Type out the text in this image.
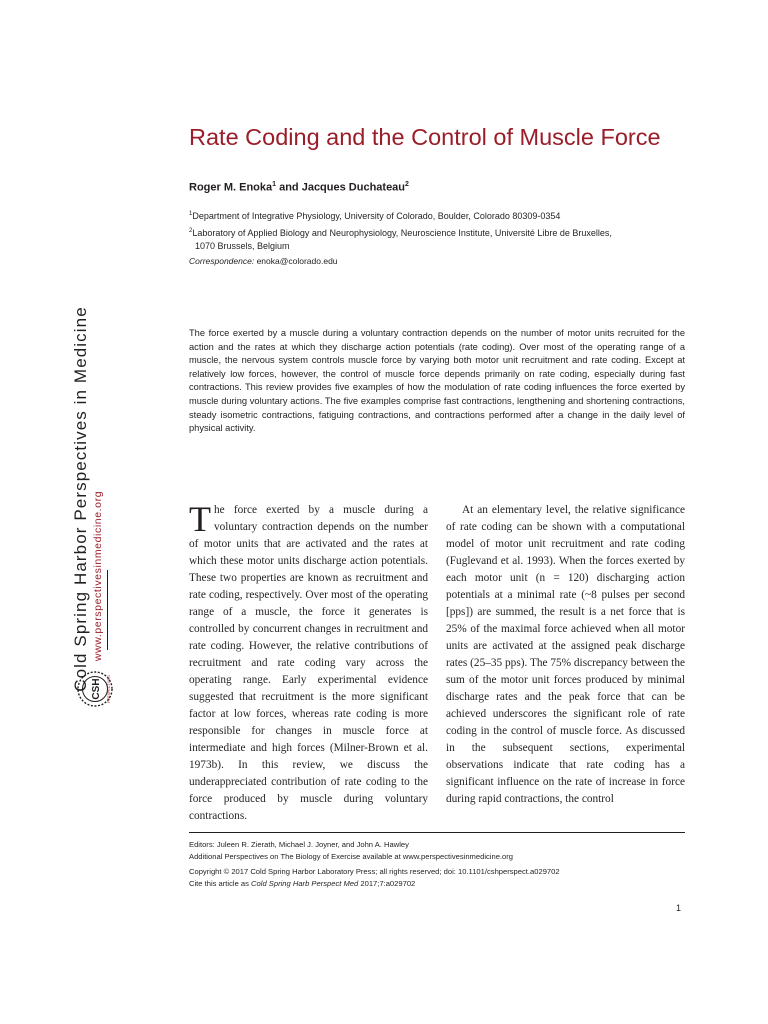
Cold Spring Harbor Perspectives in Medicine www.perspectivesinmedicine.org
CSH PERSPECTIVES
Rate Coding and the Control of Muscle Force
Roger M. Enoka$^1$ and Jacques Duchateau$^2$
$^1$Department of Integrative Physiology, University of Colorado, Boulder, Colorado 80309-0354
$^2$Laboratory of Applied Biology and Neurophysiology, Neuroscience Institute, Université Libre de Bruxelles,
1070 Brussels, Belgium
Correspondence: enoka@colorado.edu

The force exerted by a muscle during a voluntary contraction depends on the number of motor units recruited for the action and the rates at which they discharge action potentials (rate coding). Over most of the operating range of a muscle, the nervous system controls muscle force by varying both motor unit recruitment and rate coding. Except at relatively low forces, however, the control of muscle force depends primarily on rate coding, especially during fast contractions. This review provides five examples of how the modulation of rate coding influences the force exerted by muscle during voluntary actions. The five examples comprise fast contractions, lengthening and shortening contractions, steady isometric contractions, fatiguing contractions, and contractions performed after a change in the daily level of physical activity.

The force exerted by a muscle during a voluntary contraction depends on the number of motor units that are activated and the rates at which these motor units discharge action potentials. These two properties are known as recruitment and rate coding, respectively. Over most of the operating range of a muscle, the force it generates is controlled by concurrent changes in recruitment and rate coding. However, the relative contributions of recruitment and rate coding vary across the operating range. Early experimental evidence suggested that recruitment is the more significant factor at low forces, whereas rate coding is more responsible for changes in muscle force at intermediate and high forces (Milner-Brown et al. 1973b). In this review, we discuss the underappreciated contribution of rate coding to the force produced by muscle during voluntary contractions.

At an elementary level, the relative significance of rate coding can be shown with a computational model of motor unit recruitment and rate coding (Fuglevand et al. 1993). When the forces exerted by each motor unit (n = 120) discharging action potentials at a minimal rate (~8 pulses per second [pps]) are summed, the result is a net force that is 25% of the maximal force achieved when all motor units are activated at the assigned peak discharge rates (25–35 pps). The 75% discrepancy between the sum of the motor unit forces produced by minimal discharge rates and the peak force that can be achieved underscores the significant role of rate coding in the control of muscle force. As discussed in the subsequent sections, experimental observations indicate that rate coding has a significant influence on the rate of increase in force during rapid contractions, the control

Editors: Juleen R. Zierath, Michael J. Joyner, and John A. Hawley
Additional Perspectives on The Biology of Exercise available at www.perspectivesinmedicine.org
Copyright © 2017 Cold Spring Harbor Laboratory Press; all rights reserved; doi: 10.1101/cshperspect.a029702
Cite this article as Cold Spring Harb Perspect Med 2017;7:a029702
1
